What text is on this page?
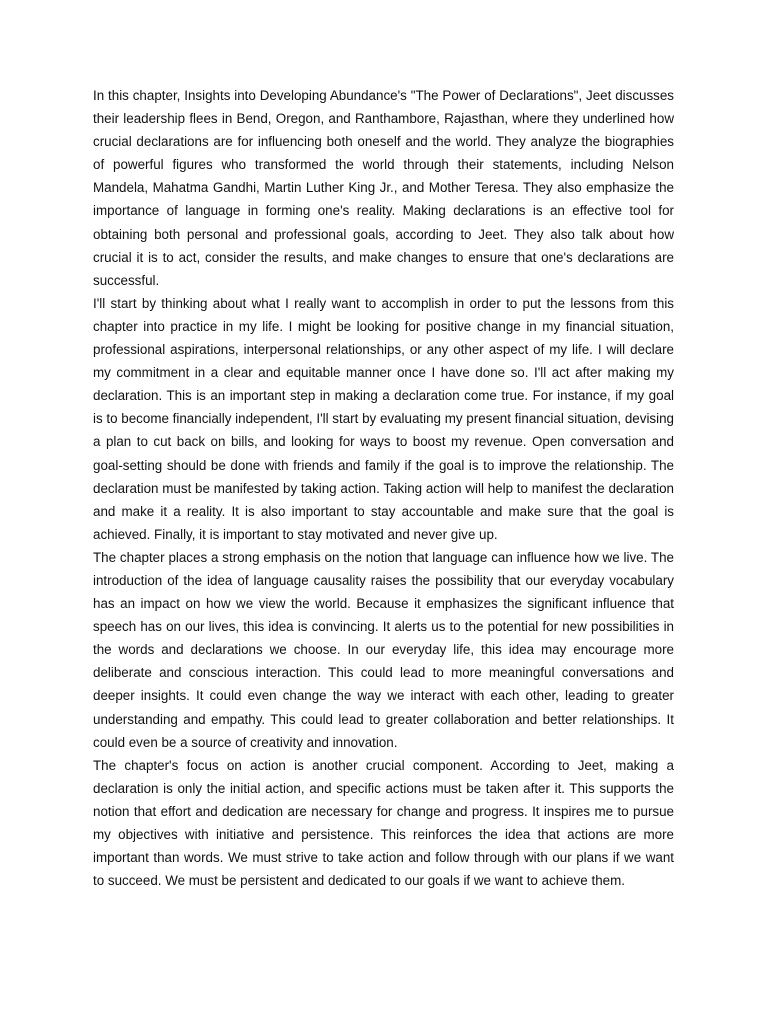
In this chapter, Insights into Developing Abundance's "The Power of Declarations", Jeet discusses their leadership flees in Bend, Oregon, and Ranthambore, Rajasthan, where they underlined how crucial declarations are for influencing both oneself and the world. They analyze the biographies of powerful figures who transformed the world through their statements, including Nelson Mandela, Mahatma Gandhi, Martin Luther King Jr., and Mother Teresa. They also emphasize the importance of language in forming one's reality. Making declarations is an effective tool for obtaining both personal and professional goals, according to Jeet. They also talk about how crucial it is to act, consider the results, and make changes to ensure that one's declarations are successful.

I'll start by thinking about what I really want to accomplish in order to put the lessons from this chapter into practice in my life. I might be looking for positive change in my financial situation, professional aspirations, interpersonal relationships, or any other aspect of my life. I will declare my commitment in a clear and equitable manner once I have done so. I'll act after making my declaration. This is an important step in making a declaration come true. For instance, if my goal is to become financially independent, I'll start by evaluating my present financial situation, devising a plan to cut back on bills, and looking for ways to boost my revenue. Open conversation and goal-setting should be done with friends and family if the goal is to improve the relationship. The declaration must be manifested by taking action. Taking action will help to manifest the declaration and make it a reality. It is also important to stay accountable and make sure that the goal is achieved. Finally, it is important to stay motivated and never give up.

The chapter places a strong emphasis on the notion that language can influence how we live. The introduction of the idea of language causality raises the possibility that our everyday vocabulary has an impact on how we view the world. Because it emphasizes the significant influence that speech has on our lives, this idea is convincing. It alerts us to the potential for new possibilities in the words and declarations we choose. In our everyday life, this idea may encourage more deliberate and conscious interaction. This could lead to more meaningful conversations and deeper insights. It could even change the way we interact with each other, leading to greater understanding and empathy. This could lead to greater collaboration and better relationships. It could even be a source of creativity and innovation.

The chapter's focus on action is another crucial component. According to Jeet, making a declaration is only the initial action, and specific actions must be taken after it. This supports the notion that effort and dedication are necessary for change and progress. It inspires me to pursue my objectives with initiative and persistence. This reinforces the idea that actions are more important than words. We must strive to take action and follow through with our plans if we want to succeed. We must be persistent and dedicated to our goals if we want to achieve them.
